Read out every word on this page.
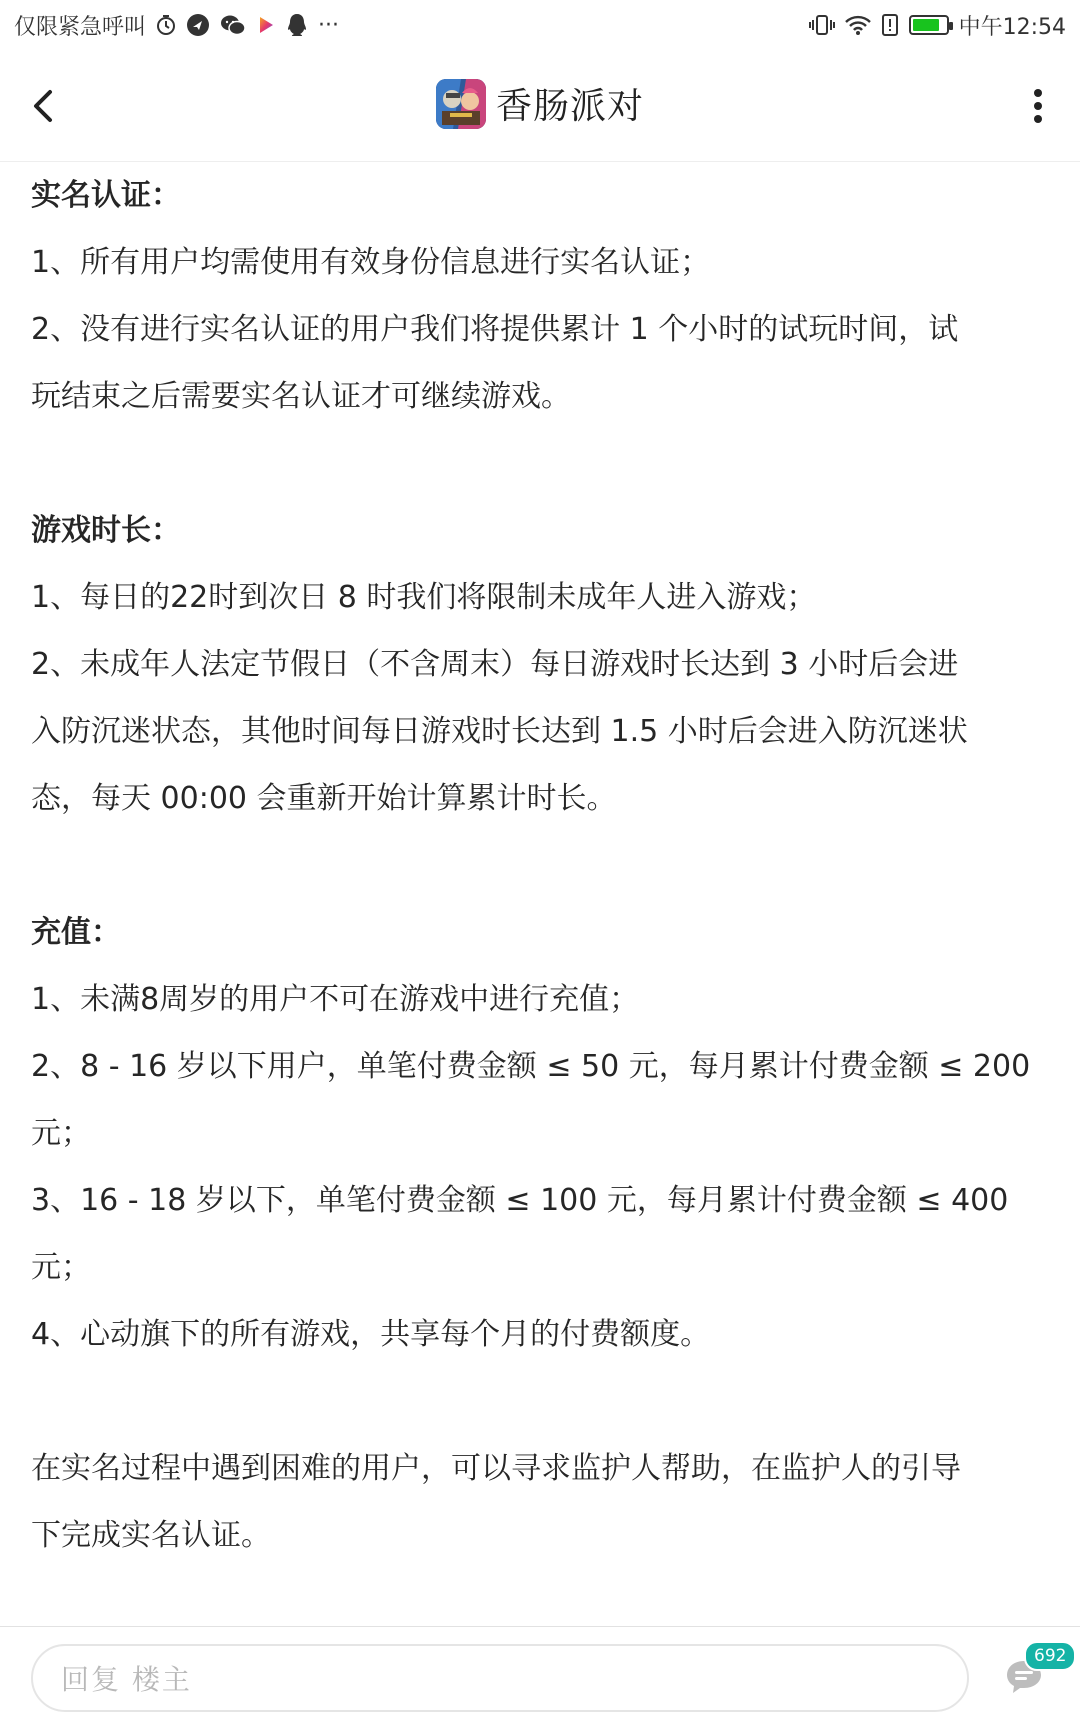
仅限紧急呼叫	···	中午12:54
香肠派对

实名认证：

1、所有用户均需使用有效身份信息进行实名认证；

2、没有进行实名认证的用户我们将提供累计 1 个小时的试玩时间，试

玩结束之后需要实名认证才可继续游戏。

游戏时长：

1、每日的22时到次日 8 时我们将限制未成年人进入游戏；

2、未成年人法定节假日（不含周末）每日游戏时长达到 3 小时后会进

入防沉迷状态，其他时间每日游戏时长达到 1.5 小时后会进入防沉迷状

态，每天 00:00 会重新开始计算累计时长。

充值：

1、未满8周岁的用户不可在游戏中进行充值；

2、8 - 16 岁以下用户，单笔付费金额 ≤ 50 元，每月累计付费金额 ≤ 200

元；

3、16 - 18 岁以下，单笔付费金额 ≤ 100 元，每月累计付费金额 ≤ 400

元；

4、心动旗下的所有游戏，共享每个月的付费额度。

在实名过程中遇到困难的用户，可以寻求监护人帮助，在监护人的引导

下完成实名认证。

回复 楼主
692
